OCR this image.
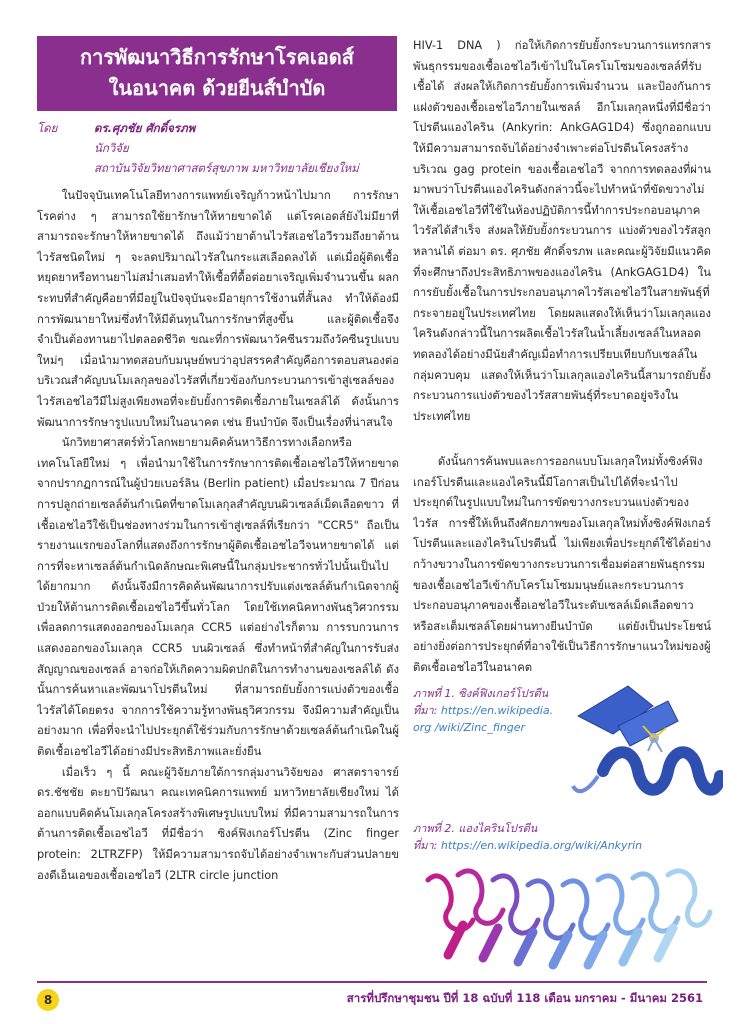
การพัฒนาวิธีการรักษาโรคเอดส์
ในอนาคต ด้วยยีนส์บำบัด
โดย	ดร.ศุภชัย ศักดิ์จรภพ
นักวิจัย
สถาบันวิจัยวิทยาศาสตร์สุขภาพ มหาวิทยาลัยเชียงใหม่

ในปัจจุบันเทคโนโลยีทางการแพทย์เจริญก้าวหน้าไปมาก การรักษาโรคต่าง ๆ สามารถใช้ยารักษาให้หายขาดได้ แต่โรคเอดส์ยังไม่มียาที่สามารถจะรักษาให้หายขาดได้ ถึงแม้ว่ายาต้านไวรัสเอชไอวีรวมถึงยาต้านไวรัสชนิดใหม่ ๆ จะลดปริมาณไวรัสในกระแสเลือดลงได้ แต่เมื่อผู้ติดเชื้อหยุดยาหรือทานยาไม่สม่ำเสมอทำให้เชื้อที่ดื้อต่อยาเจริญเพิ่มจำนวนขึ้น ผลกระทบที่สำคัญคือยาที่มีอยู่ในปัจจุบันจะมีอายุการใช้งานที่สั้นลง ทำให้ต้องมีการพัฒนายาใหม่ซึ่งทำให้มีต้นทุนในการรักษาที่สูงขึ้น และผู้ติดเชื้อจึงจำเป็นต้องทานยาไปตลอดชีวิต ขณะที่การพัฒนาวัคซีนรวมถึงวัคซีนรูปแบบใหม่ๆ เมื่อนำมาทดสอบกับมนุษย์พบว่าอุปสรรคสำคัญคือการตอบสนองต่อบริเวณสำคัญบนโมเลกุลของไวรัสที่เกี่ยวข้องกับกระบวนการเข้าสู่เซลล์ของไวรัสเอชไอวีมีไม่สูงเพียงพอที่จะยับยั้งการติดเชื้อภายในเซลล์ได้ ดังนั้นการพัฒนาการรักษารูปแบบใหม่ในอนาคต เช่น ยีนบำบัด จึงเป็นเรื่องที่น่าสนใจ

นักวิทยาศาสตร์ทั่วโลกพยายามคิดค้นหาวิธีการทางเลือกหรือเทคโนโลยีใหม่ ๆ เพื่อนำมาใช้ในการรักษาการติดเชื้อเอชไอวีให้หายขาด จากปรากฏการณ์ในผู้ป่วยเบอร์ลิน (Berlin patient) เมื่อประมาณ 7 ปีก่อน การปลูกถ่ายเซลล์ต้นกำเนิดที่ขาดโมเลกุลสำคัญบนผิวเซลล์เม็ดเลือดขาว ที่เชื้อเอชไอวีใช้เป็นช่องทางร่วมในการเข้าสู่เซลล์ที่เรียกว่า "CCR5" ถือเป็นรายงานแรกของโลกที่แสดงถึงการรักษาผู้ติดเชื้อเอชไอวีจนหายขาดได้ แต่การที่จะหาเซลล์ต้นกำเนิดลักษณะพิเศษนี้ในกลุ่มประชากรทั่วไปนั้นเป็นไปได้ยากมาก ดังนั้นจึงมีการคิดค้นพัฒนาการปรับแต่งเซลล์ต้นกำเนิดจากผู้ป่วยให้ต้านการติดเชื้อเอชไอวีขึ้นทั่วโลก โดยใช้เทคนิคทางพันธุวิศวกรรมเพื่อลดการแสดงออกของโมเลกุล CCR5 แต่อย่างไรก็ตาม การรบกวนการแสดงออกของโมเลกุล CCR5 บนผิวเซลล์ ซึ่งทำหน้าที่สำคัญในการรับส่งสัญญาณของเซลล์ อาจก่อให้เกิดความผิดปกติในการทำงานของเซลล์ได้ ดังนั้นการค้นหาและพัฒนาโปรตีนใหม่ ที่สามารถยับยั้งการแบ่งตัวของเชื้อไวรัสได้โดยตรง จากการใช้ความรู้ทางพันธุวิศวกรรม จึงมีความสำคัญเป็นอย่างมาก เพื่อที่จะนำไปประยุกต์ใช้ร่วมกับการรักษาด้วยเซลล์ต้นกำเนิดในผู้ติดเชื้อเอชไอวีได้อย่างมีประสิทธิภาพและยั่งยืน

เมื่อเร็ว ๆ นี้ คณะผู้วิจัยภายใต้การกลุ่มงานวิจัยของ ศาสตราจารย์ ดร.ชัชชัย ตะยาปิวัฒนา คณะเทคนิคการแพทย์ มหาวิทยาลัยเชียงใหม่ ได้ออกแบบคิดค้นโมเลกุลโครงสร้างพิเศษรูปแบบใหม่ ที่มีความสามารถในการต้านการติดเชื้อเอชไอวี ที่มีชื่อว่า ซิงค์ฟิงเกอร์โปรตีน (Zinc finger protein: 2LTRZFP) ให้มีความสามารถจับได้อย่างจำเพาะกับส่วนปลายของดีเอ็นเอของเชื้อเอชไอวี (2LTR circle junction

HIV-1 DNA ) ก่อให้เกิดการยับยั้งกระบวนการแทรกสารพันธุกรรมของเชื้อเอชไอวีเข้าไปในโครโมโซมของเซลล์ที่รับเชื้อได้ ส่งผลให้เกิดการยับยั้งการเพิ่มจำนวน และป้องกันการแฝงตัวของเชื้อเอชไอวีภายในเซลล์ อีกโมเลกุลหนึ่งที่มีชื่อว่าโปรตีนแองไคริน (Ankyrin: AnkGAG1D4) ซึ่งถูกออกแบบให้มีความสามารถจับได้อย่างจำเพาะต่อโปรตีนโครงสร้างบริเวณ gag protein ของเชื้อเอชไอวี จากการทดลองที่ผ่านมาพบว่าโปรตีนแองไครินดังกล่าวนี้จะไปทำหน้าที่ขัดขวางไม่ให้เชื้อเอชไอวีที่ใช้ในห้องปฏิบัติการนี้ทำการประกอบอนุภาคไวรัสได้สำเร็จ ส่งผลให้ยับยั้งกระบวนการ แบ่งตัวของไวรัสลูกหลานได้ ต่อมา ดร. ศุภชัย ศักดิ์จรภพ และคณะผู้วิจัยมีแนวคิดที่จะศึกษาถึงประสิทธิภาพของแองไคริน (AnkGAG1D4) ในการยับยั้งเชื้อในการประกอบอนุภาคไวรัสเอชไอวีในสายพันธุ์ที่กระจายอยู่ในประเทศไทย โดยผลแสดงให้เห็นว่าโมเลกุลแองไครินดังกล่าวนี้ในการผลิตเชื้อไวรัสในน้ำเลี้ยงเซลล์ในหลอดทดลองได้อย่างมีนัยสำคัญเมื่อทำการเปรียบเทียบกับเซลล์ในกลุ่มควบคุม แสดงให้เห็นว่าโมเลกุลแองไครินนี้สามารถยับยั้งกระบวนการแบ่งตัวของไวรัสสายพันธุ์ที่ระบาดอยู่จริงในประเทศไทย

ดังนั้นการค้นพบและการออกแบบโมเลกุลใหม่ทั้งซิงค์ฟิงเกอร์โปรตีนและแองไครินนี้มีโอกาสเป็นไปได้ที่จะนำไปประยุกต์ในรูปแบบใหม่ในการขัดขวางกระบวนแบ่งตัวของไวรัส การชี้ให้เห็นถึงศักยภาพของโมเลกุลใหม่ทั้งซิงค์ฟิงเกอร์โปรตีนและแองไครินโปรตีนนี้ ไม่เพียงเพื่อประยุกต์ใช้ได้อย่างกว้างขวางในการขัดขวางกระบวนการเชื่อมต่อสายพันธุกรรมของเชื้อเอชไอวีเข้ากับโครโมโซมมนุษย์และกระบวนการประกอบอนุภาคของเชื้อเอชไอวีในระดับเซลล์เม็ดเลือดขาวหรือสะเต็มเซลล์โดยผ่านทางยีนบำบัด แต่ยังเป็นประโยชน์อย่างยิ่งต่อการประยุกต์ที่อาจใช้เป็นวิธีการรักษาแนวใหม่ของผู้ติดเชื้อเอชไอวีในอนาคต

ภาพที่ 1. ซิงค์ฟิงเกอร์โปรตีน
ที่มา: https://en.wikipedia.
org /wiki/Zinc_finger
ภาพที่ 2. แองไครินโปรตีน
ที่มา: https://en.wikipedia.org/wiki/Ankyrin
8	สารที่ปรึกษาชุมชน ปีที่ 18 ฉบับที่ 118 เดือน มกราคม - มีนาคม 2561
